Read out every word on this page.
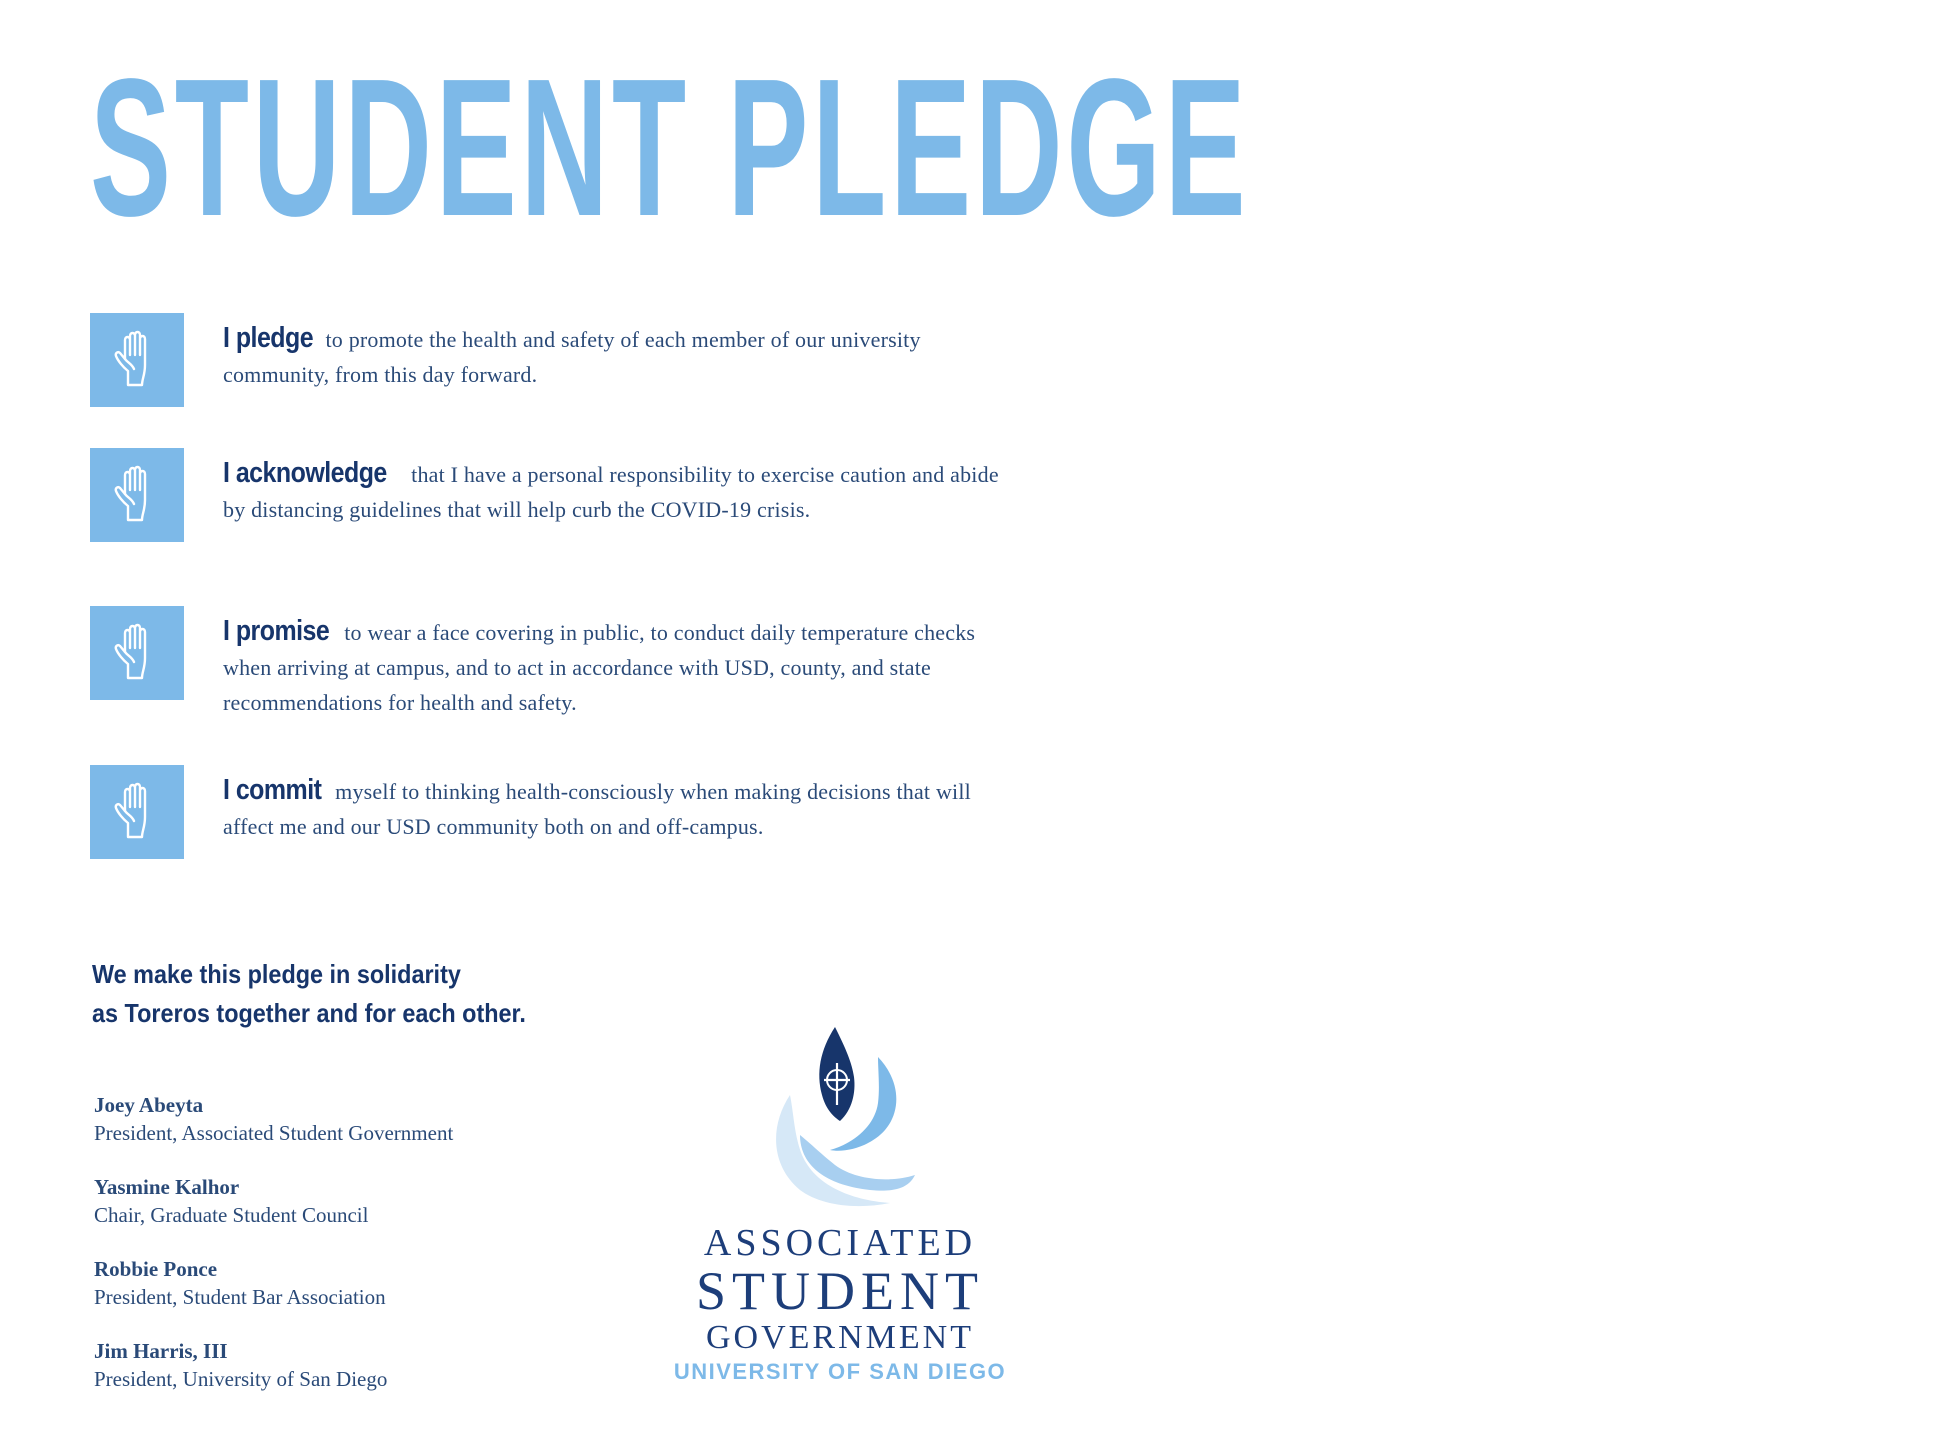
STUDENT PLEDGE
I pledge to promote the health and safety of each member of our university community, from this day forward.
I acknowledge that I have a personal responsibility to exercise caution and abide by distancing guidelines that will help curb the COVID-19 crisis.
I promise to wear a face covering in public, to conduct daily temperature checks when arriving at campus, and to act in accordance with USD, county, and state recommendations for health and safety.
I commit myself to thinking health-consciously when making decisions that will affect me and our USD community both on and off-campus.
We make this pledge in solidarity
as Toreros together and for each other.
Joey Abeyta
President, Associated Student Government
Yasmine Kalhor
Chair, Graduate Student Council
Robbie Ponce
President, Student Bar Association
Jim Harris, III
President, University of San Diego
ASSOCIATED
STUDENT
GOVERNMENT
UNIVERSITY OF SAN DIEGO
